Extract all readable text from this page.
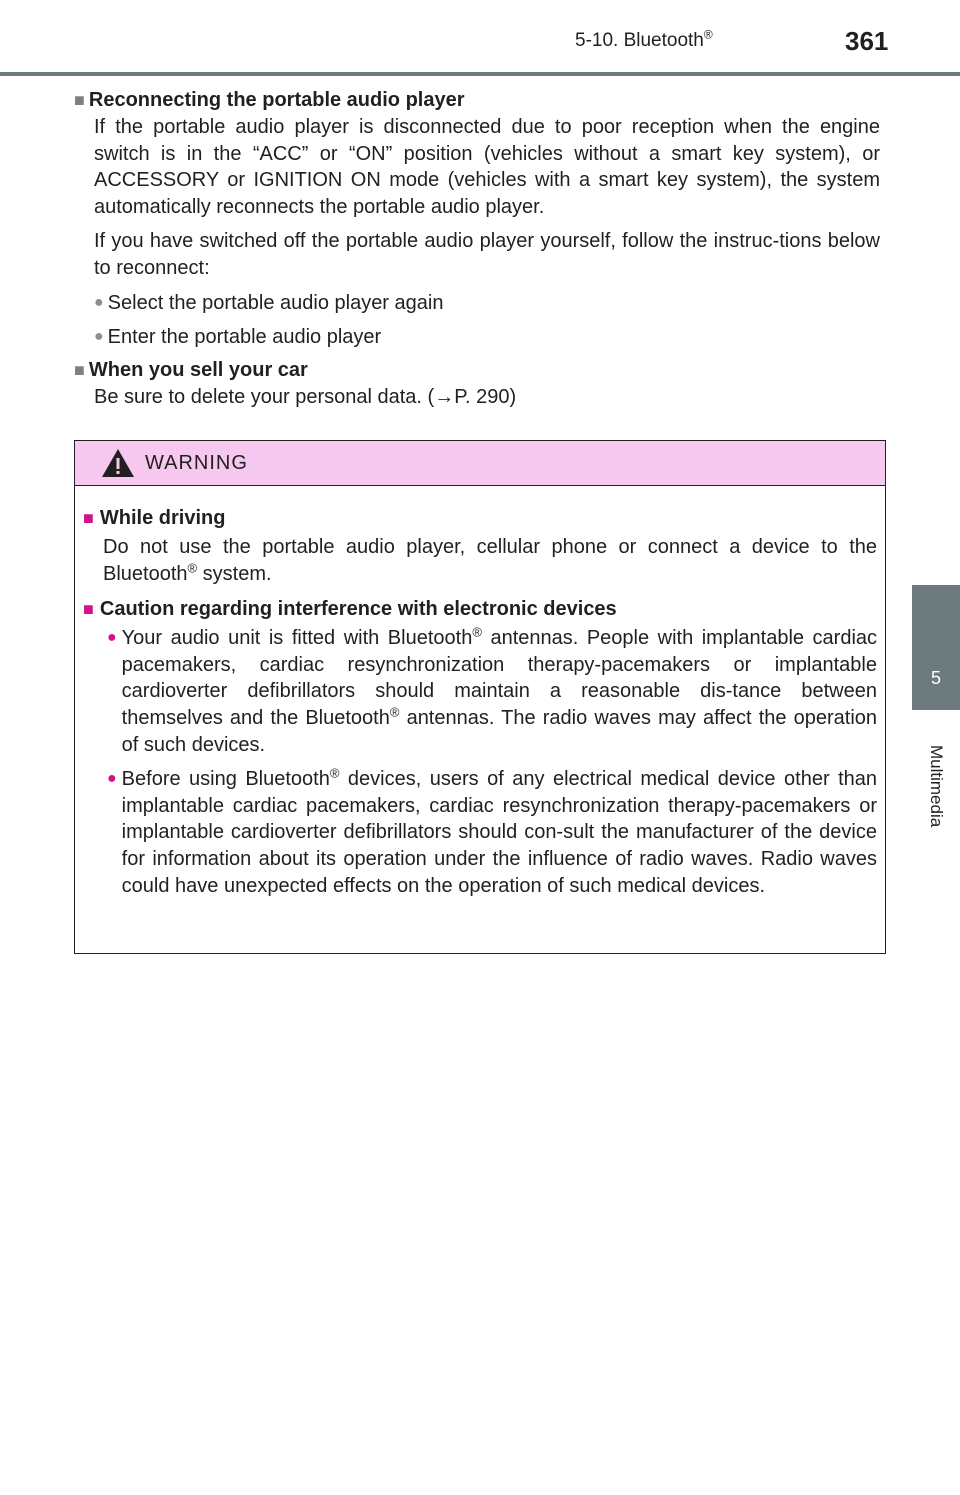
5-10. Bluetooth®	361
5
Multimedia
■ Reconnecting the portable audio player

If the portable audio player is disconnected due to poor reception when the engine switch is in the “ACC” or “ON” position (vehicles without a smart key system), or ACCESSORY or IGNITION ON mode (vehicles with a smart key system), the system automatically reconnects the portable audio player.

If you have switched off the portable audio player yourself, follow the instruc-tions below to reconnect:

● Select the portable audio player again
● Enter the portable audio player
■ When you sell your car

Be sure to delete your personal data. (→P. 290)

WARNING
■ While driving

Do not use the portable audio player, cellular phone or connect a device to the Bluetooth® system.

■ Caution regarding interference with electronic devices
● Your audio unit is fitted with Bluetooth® antennas. People with implantable cardiac pacemakers, cardiac resynchronization therapy-pacemakers or implantable cardioverter defibrillators should maintain a reasonable dis-tance between themselves and the Bluetooth® antennas. The radio waves may affect the operation of such devices.
● Before using Bluetooth® devices, users of any electrical medical device other than implantable cardiac pacemakers, cardiac resynchronization therapy-pacemakers or implantable cardioverter defibrillators should con-sult the manufacturer of the device for information about its operation under the influence of radio waves. Radio waves could have unexpected effects on the operation of such medical devices.
